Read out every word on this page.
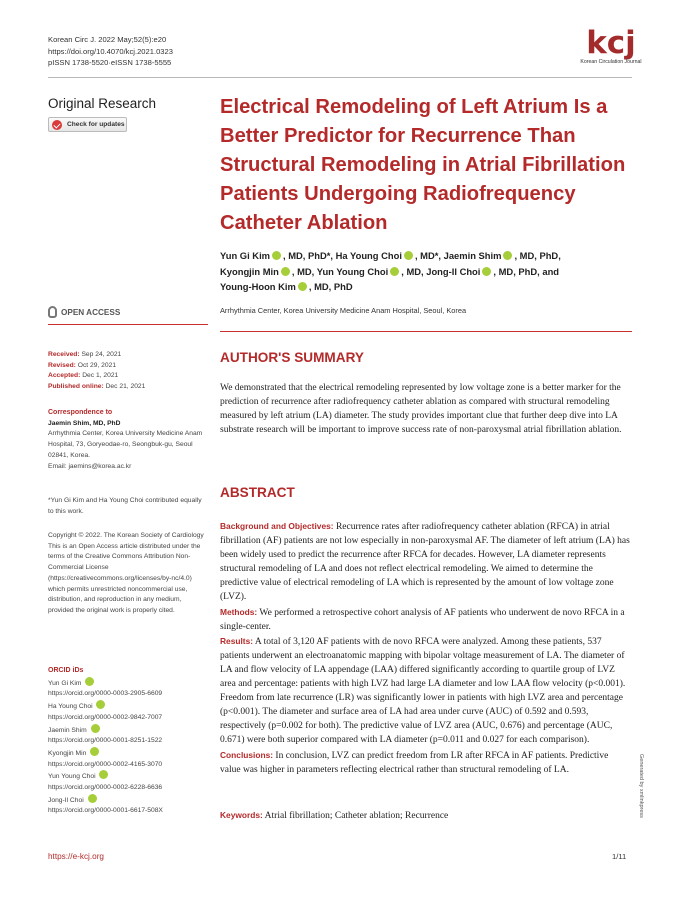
Korean Circ J. 2022 May;52(5):e20
https://doi.org/10.4070/kcj.2021.0323
pISSN 1738-5520·eISSN 1738-5555
kcj
Korean Circulation Journal
Original Research
Check for updates
Electrical Remodeling of Left Atrium Is a Better Predictor for Recurrence Than Structural Remodeling in Atrial Fibrillation Patients Undergoing Radiofrequency Catheter Ablation
Yun Gi Kim , MD, PhD*, Ha Young Choi , MD*, Jaemin Shim , MD, PhD,
Kyongjin Min , MD, Yun Young Choi , MD, Jong-Il Choi , MD, PhD, and
Young-Hoon Kim , MD, PhD
OPEN ACCESS	Arrhythmia Center, Korea University Medicine Anam Hospital, Seoul, Korea

Received: Sep 24, 2021

Revised: Oct 29, 2021

Accepted: Dec 1, 2021

Published online: Dec 21, 2021

Correspondence to

Jaemin Shim, MD, PhD

Arrhythmia Center, Korea University Medicine Anam Hospital, 73, Goryeodae-ro, Seongbuk-gu, Seoul 02841, Korea.

Email: jaemins@korea.ac.kr

*Yun Gi Kim and Ha Young Choi contributed equally to this work.

Copyright © 2022. The Korean Society of Cardiology

This is an Open Access article distributed under the terms of the Creative Commons Attribution Non-Commercial License (https://creativecommons.org/licenses/by-nc/4.0) which permits unrestricted noncommercial use, distribution, and reproduction in any medium, provided the original work is properly cited.

ORCID iDs

Yun Gi Kim

https://orcid.org/0000-0003-2905-6609

Ha Young Choi

https://orcid.org/0000-0002-9842-7007

Jaemin Shim

https://orcid.org/0000-0001-8251-1522

Kyongjin Min

https://orcid.org/0000-0002-4165-3070

Yun Young Choi

https://orcid.org/0000-0002-6228-6636

Jong-Il Choi

https://orcid.org/0000-0001-6617-508X

AUTHOR'S SUMMARY

We demonstrated that the electrical remodeling represented by low voltage zone is a better marker for the prediction of recurrence after radiofrequency catheter ablation as compared with structural remodeling measured by left atrium (LA) diameter. The study provides important clue that further deep dive into LA substrate research will be important to improve success rate of non-paroxysmal atrial fibrillation ablation.

ABSTRACT

Background and Objectives: Recurrence rates after radiofrequency catheter ablation (RFCA) in atrial fibrillation (AF) patients are not low especially in non-paroxysmal AF. The diameter of left atrium (LA) has been widely used to predict the recurrence after RFCA for decades. However, LA diameter represents structural remodeling of LA and does not reflect electrical remodeling. We aimed to determine the predictive value of electrical remodeling of LA which is represented by the amount of low voltage zone (LVZ).

Methods: We performed a retrospective cohort analysis of AF patients who underwent de novo RFCA in a single-center.

Results: A total of 3,120 AF patients with de novo RFCA were analyzed. Among these patients, 537 patients underwent an electroanatomic mapping with bipolar voltage measurement of LA. The diameter of LA and flow velocity of LA appendage (LAA) differed significantly according to quartile group of LVZ area and percentage: patients with high LVZ had large LA diameter and low LAA flow velocity (p<0.001). Freedom from late recurrence (LR) was significantly lower in patients with high LVZ area and percentage (p<0.001). The diameter and surface area of LA had area under curve (AUC) of 0.592 and 0.593, respectively (p=0.002 for both). The predictive value of LVZ area (AUC, 0.676) and percentage (AUC, 0.671) were both superior compared with LA diameter (p=0.011 and 0.027 for each comparison).

Conclusions: In conclusion, LVZ can predict freedom from LR after RFCA in AF patients. Predictive value was higher in parameters reflecting electrical rather than structural remodeling of LA.

Keywords: Atrial fibrillation; Catheter ablation; Recurrence
https://e-kcj.org	1/11
Generated by xmlinkpress
